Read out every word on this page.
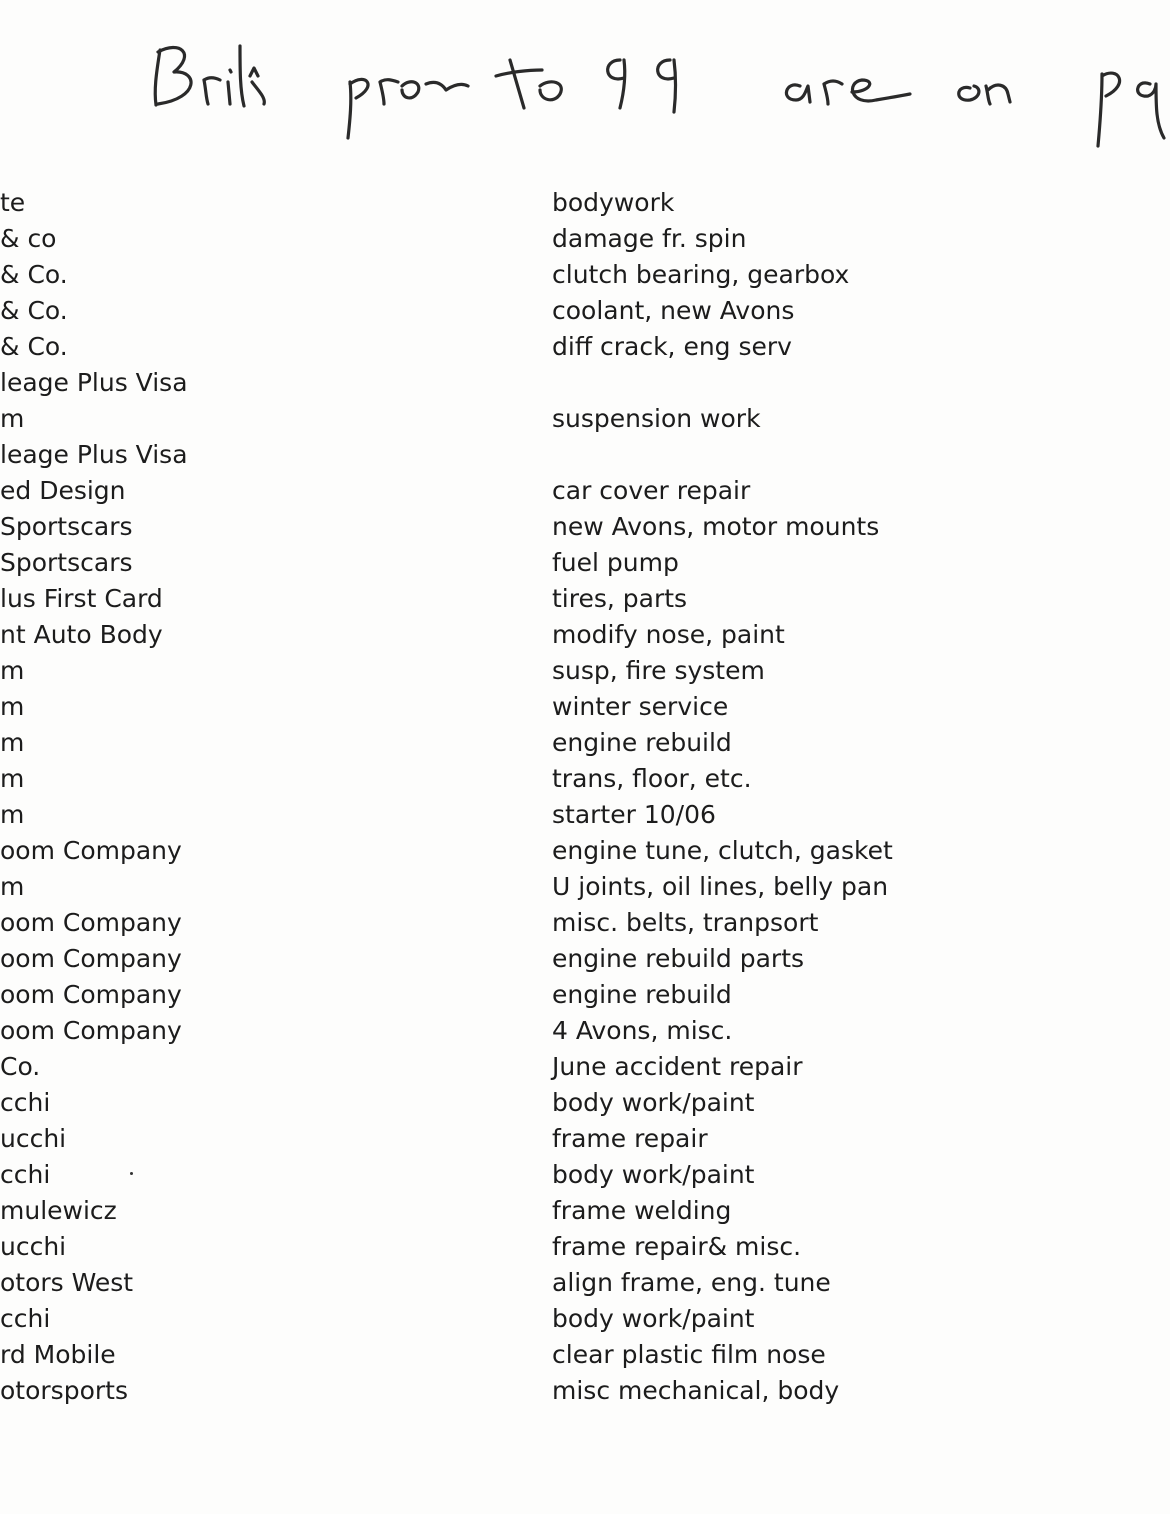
te	bodywork
& co	damage fr. spin
& Co.	clutch bearing, gearbox
& Co.	coolant, new Avons
& Co.	diff crack, eng serv
leage Plus Visa
m	suspension work
leage Plus Visa
ed Design	car cover repair
Sportscars	new Avons, motor mounts
Sportscars	fuel pump
lus First Card	tires, parts
nt Auto Body	modify nose, paint
m	susp, fire system
m	winter service
m	engine rebuild
m	trans, floor, etc.
m	starter 10/06
oom Company	engine tune, clutch, gasket
m	U joints, oil lines, belly pan
oom Company	misc. belts, tranpsort
oom Company	engine rebuild parts
oom Company	engine rebuild
oom Company	4 Avons, misc.
Co.	June accident repair
cchi	body work/paint
ucchi	frame repair
cchi	body work/paint
mulewicz	frame welding
ucchi	frame repair& misc.
otors West	align frame, eng. tune
cchi	body work/paint
rd Mobile	clear plastic film nose
otorsports	misc mechanical, body
